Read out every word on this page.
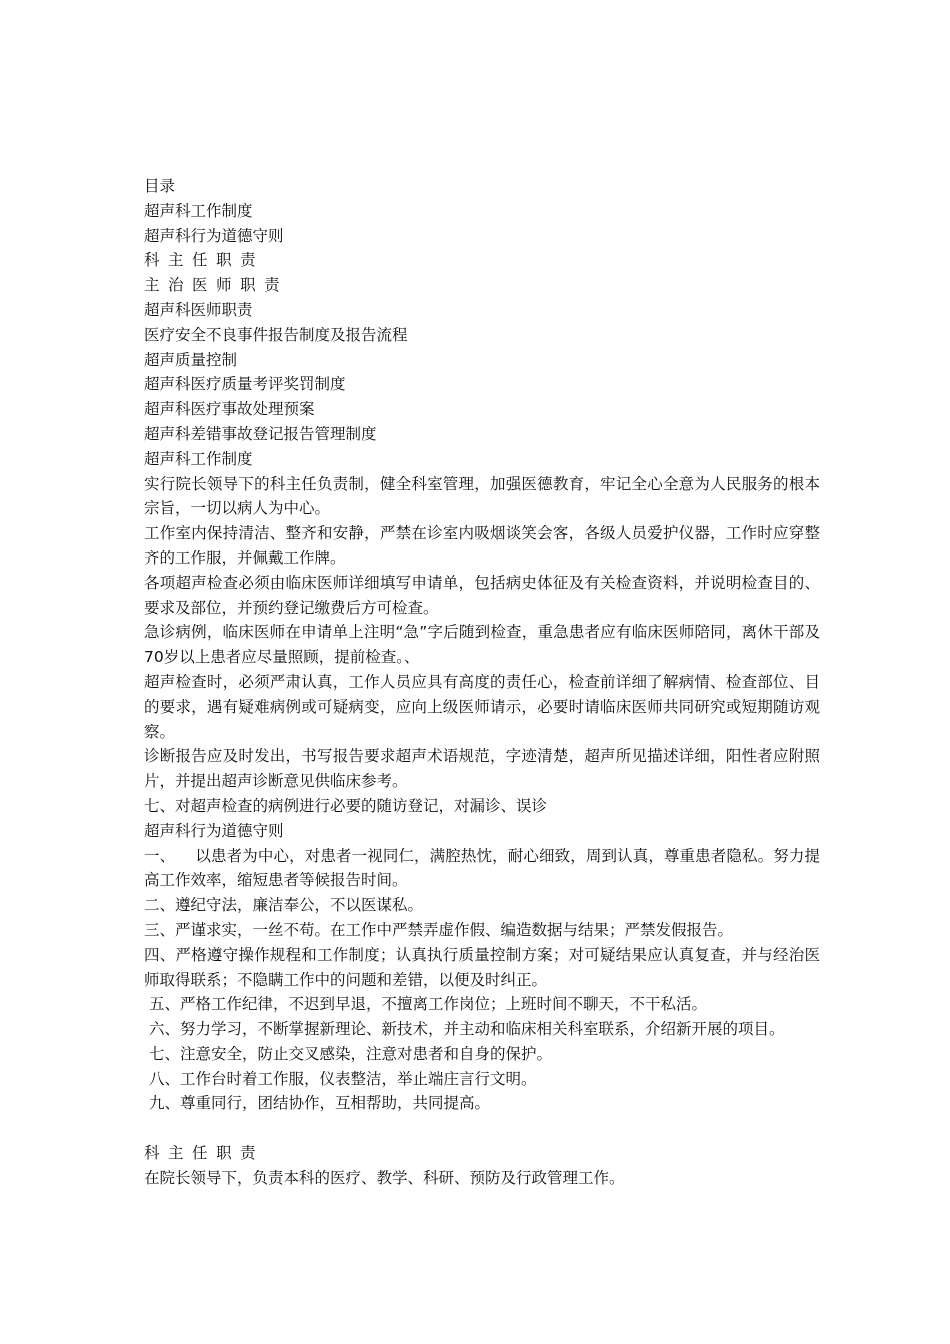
目录
超声科工作制度
超声科行为道德守则
科主任职责
主治医师职责
超声科医师职责
医疗安全不良事件报告制度及报告流程
超声质量控制
超声科医疗质量考评奖罚制度
超声科医疗事故处理预案
超声科差错事故登记报告管理制度
超声科工作制度
实行院长领导下的科主任负责制，健全科室管理，加强医德教育，牢记全心全意为人民服务的根本宗旨，一切以病人为中心。
工作室内保持清洁、整齐和安静，严禁在诊室内吸烟谈笑会客，各级人员爱护仪器，工作时应穿整齐的工作服，并佩戴工作牌。
各项超声检查必须由临床医师详细填写申请单，包括病史体征及有关检查资料，并说明检查目的、要求及部位，并预约登记缴费后方可检查。
急诊病例，临床医师在申请单上注明“急”字后随到检查，重急患者应有临床医师陪同，离休干部及70岁以上患者应尽量照顾，提前检查。、
超声检查时，必须严肃认真，工作人员应具有高度的责任心，检查前详细了解病情、检查部位、目的要求，遇有疑难病例或可疑病变，应向上级医师请示，必要时请临床医师共同研究或短期随访观察。
诊断报告应及时发出，书写报告要求超声术语规范，字迹清楚，超声所见描述详细，阳性者应附照片，并提出超声诊断意见供临床参考。
七、对超声检查的病例进行必要的随访登记，对漏诊、误诊
超声科行为道德守则
一、    以患者为中心，对患者一视同仁，满腔热忱，耐心细致，周到认真，尊重患者隐私。努力提高工作效率，缩短患者等候报告时间。
二、遵纪守法，廉洁奉公，不以医谋私。
三、严谨求实，一丝不苟。在工作中严禁弄虚作假、编造数据与结果；严禁发假报告。
四、严格遵守操作规程和工作制度；认真执行质量控制方案；对可疑结果应认真复查，并与经治医师取得联系；不隐瞒工作中的问题和差错，以便及时纠正。
五、严格工作纪律，不迟到早退，不擅离工作岗位；上班时间不聊天，不干私活。
六、努力学习，不断掌握新理论、新技术，并主动和临床相关科室联系，介绍新开展的项目。
七、注意安全，防止交叉感染，注意对患者和自身的保护。
八、工作台时着工作服，仪表整洁，举止端庄言行文明。
九、尊重同行，团结协作，互相帮助，共同提高。
科主任职责
在院长领导下，负责本科的医疗、教学、科研、预防及行政管理工作。
